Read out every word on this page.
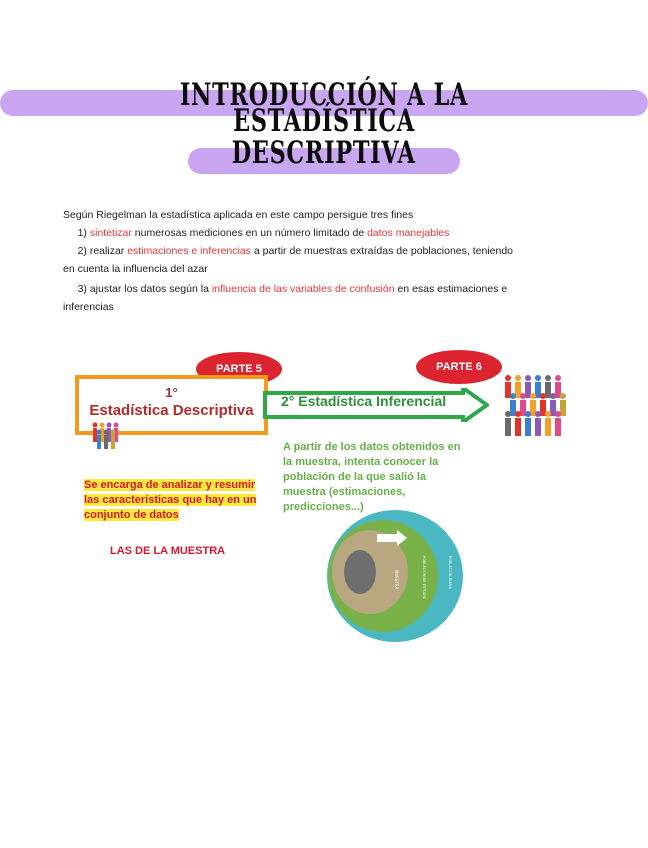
INTRODUCCIÓN A LA ESTADÍSTICA
DESCRIPTIVA
Según Riegelman la estadística aplicada en este campo persigue tres fines
1) sintetizar numerosas mediciones en un número limitado de datos manejables
2) realizar estimaciones e inferencias a partir de muestras extraídas de poblaciones, teniendo
en cuenta la influencia del azar
3) ajustar los datos según la influencia de las variables de confusión en esas estimaciones e
inferencias
PARTE 5	PARTE 6
1°
Estadística Descriptiva
2° Estadística Inferencial
A partir de los datos obtenidos en la muestra, intenta conocer la población de la que salió la muestra (estimaciones, predicciones...)
Se encarga de analizar y resumir las características que hay en un conjunto de datos
LAS DE LA MUESTRA
MUESTRA	POBLACIÓN DE ESTUDIO	POBLACIÓN DIANA
